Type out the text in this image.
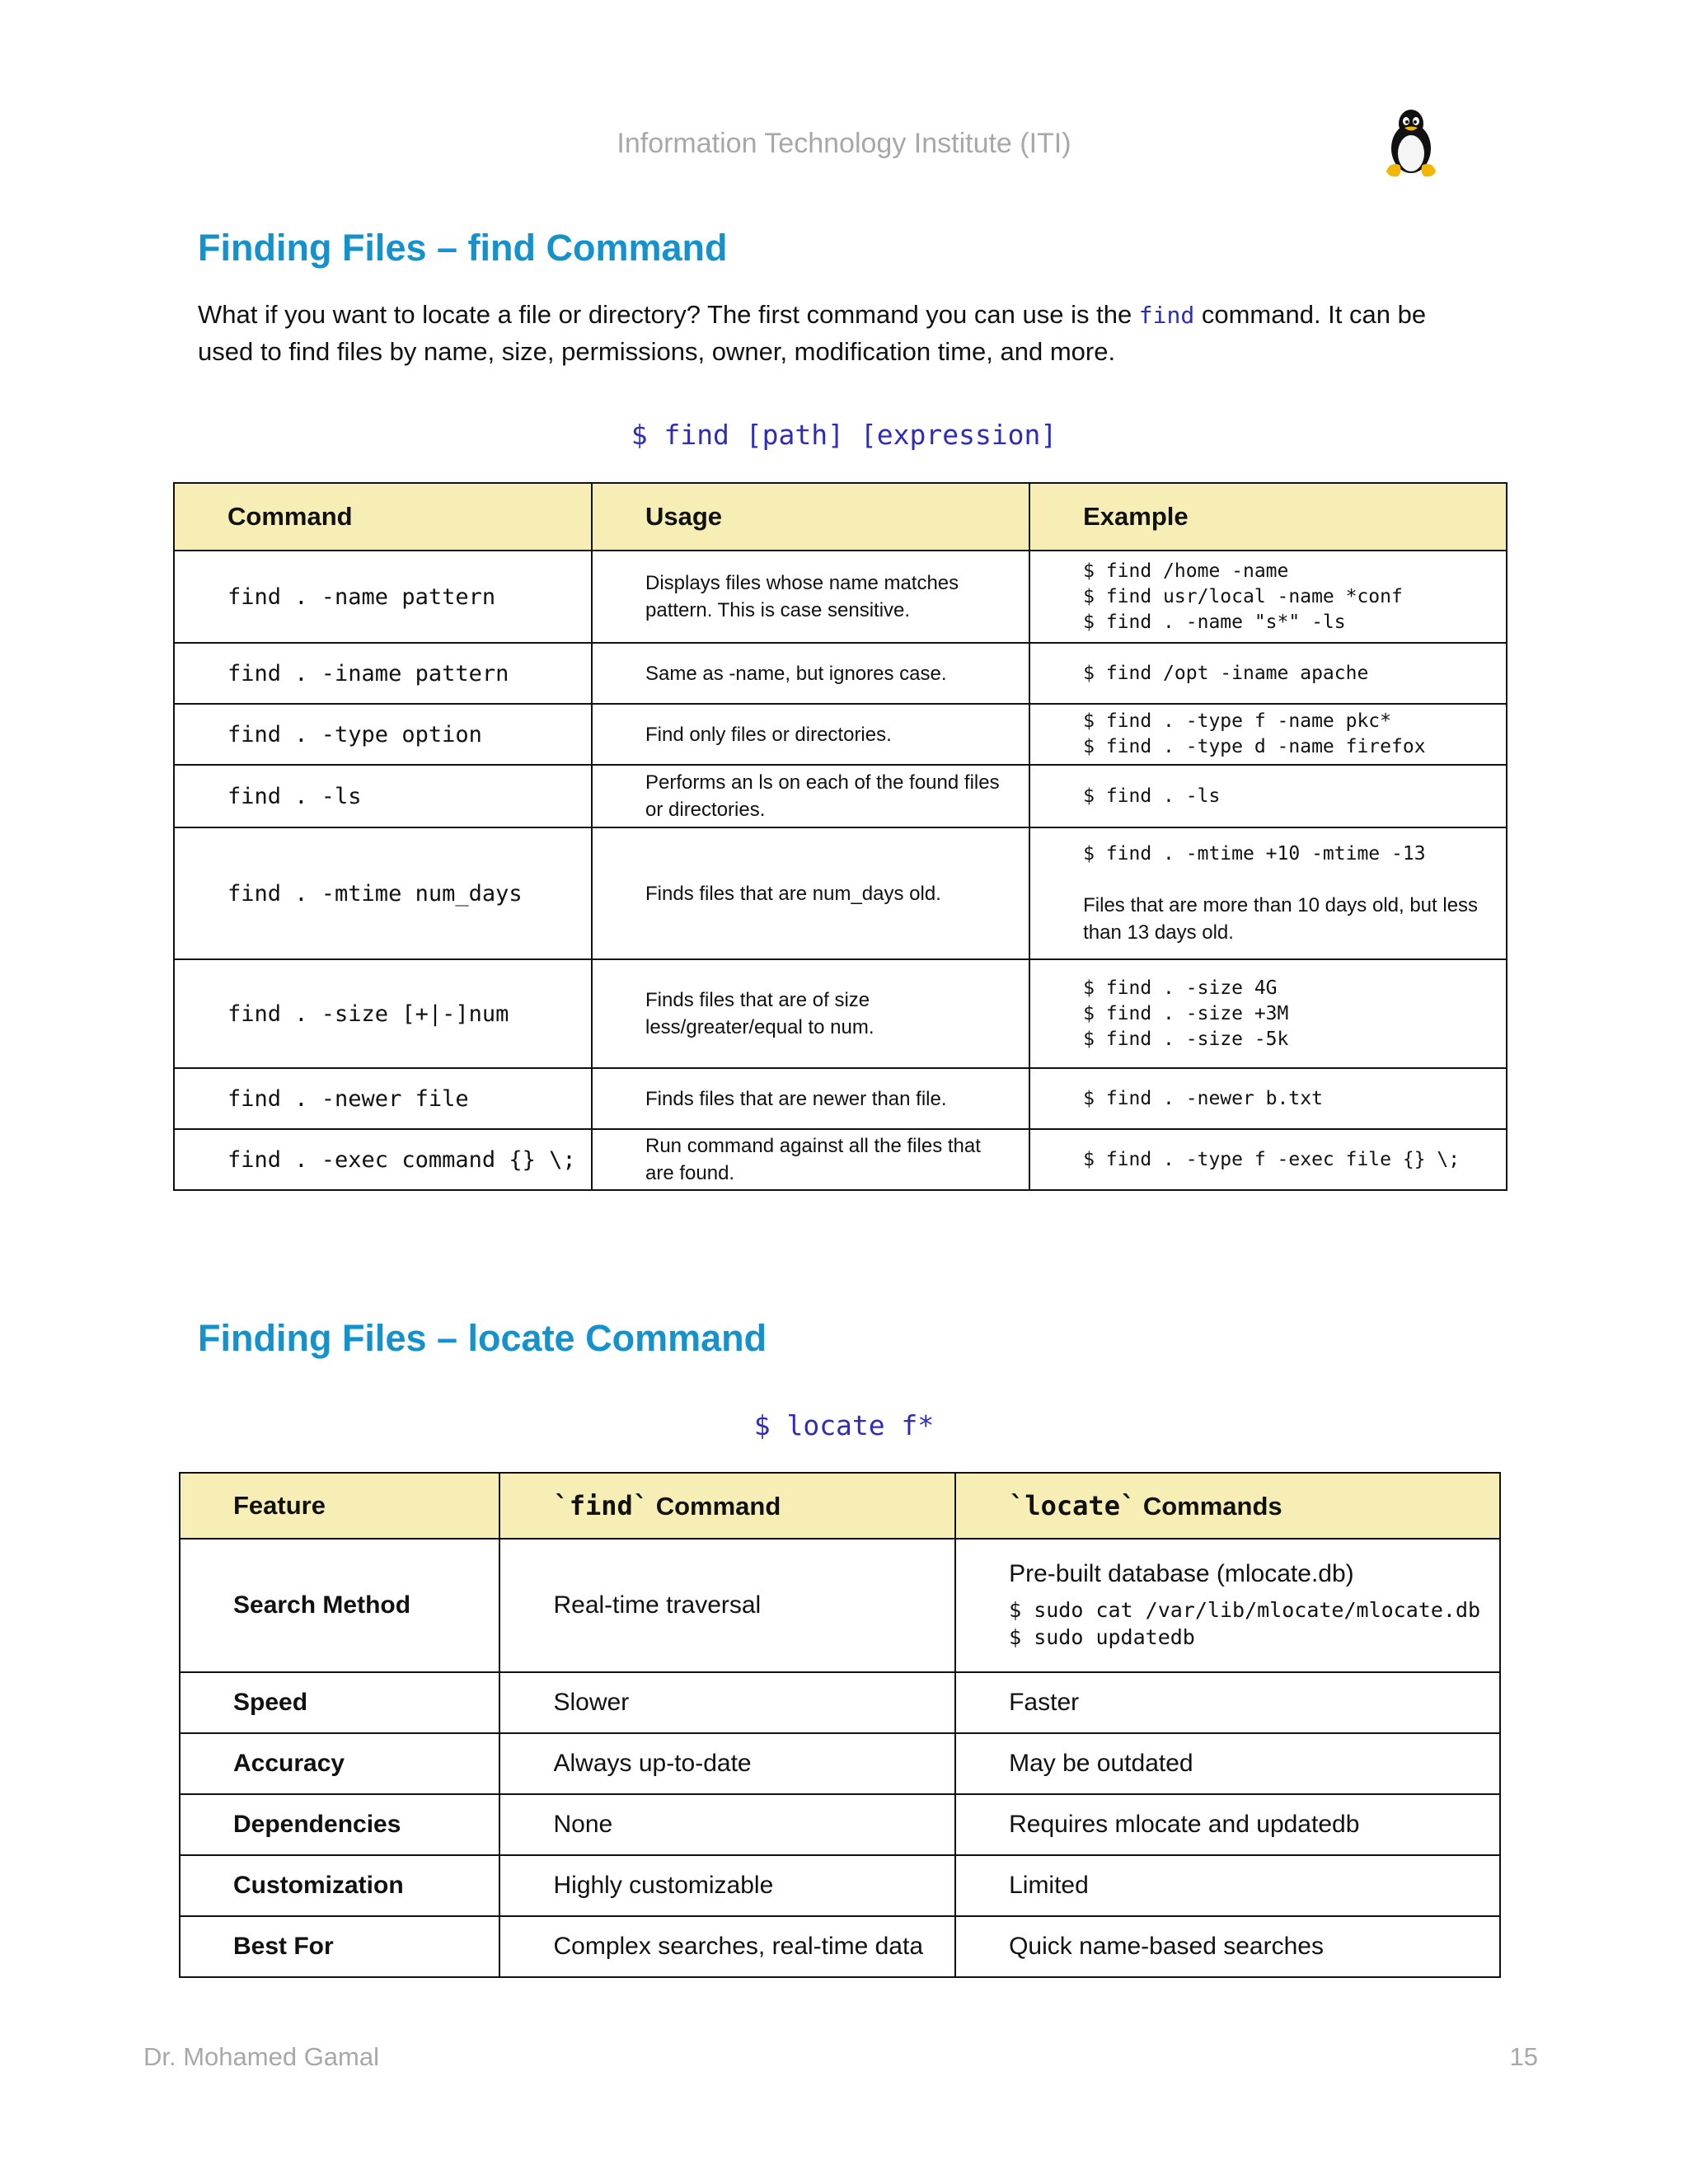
Information Technology Institute (ITI)
Finding Files – find Command
What if you want to locate a file or directory? The first command you can use is the find command. It can be used to find files by name, size, permissions, owner, modification time, and more.
$ find [path] [expression]
Command	Usage	Example
find . -name pattern	Displays files whose name matches pattern. This is case sensitive.	$ find /home -name
$ find usr/local -name *conf
$ find . -name "s*" -ls

find . -iname pattern	Same as -name, but ignores case.	$ find /opt -iname apache

find . -type option	Find only files or directories.	$ find . -type f -name pkc*
$ find . -type d -name firefox

find . -ls	Performs an ls on each of the found files or directories.	$ find . -ls

find . -mtime num_days	Finds files that are num_days old.	$ find . -mtime +10 -mtime -13
Files that are more than 10 days old, but less than 13 days old.

find . -size [+|-]num	Finds files that are of size less/greater/equal to num.	$ find . -size 4G
$ find . -size +3M
$ find . -size -5k

find . -newer file	Finds files that are newer than file.	$ find . -newer b.txt

find . -exec command {} \;	Run command against all the files that are found.	$ find . -type f -exec file {} \;
Finding Files – locate Command
$ locate f*
Feature	`find` Command	`locate` Commands
Search Method	Real-time traversal	Pre-built database (mlocate.db)
$ sudo cat /var/lib/mlocate/mlocate.db
$ sudo updatedb

Speed	Slower	Faster
Accuracy	Always up-to-date	May be outdated
Dependencies	None	Requires mlocate and updatedb
Customization	Highly customizable	Limited
Best For	Complex searches, real-time data	Quick name-based searches
Dr. Mohamed Gamal	15
